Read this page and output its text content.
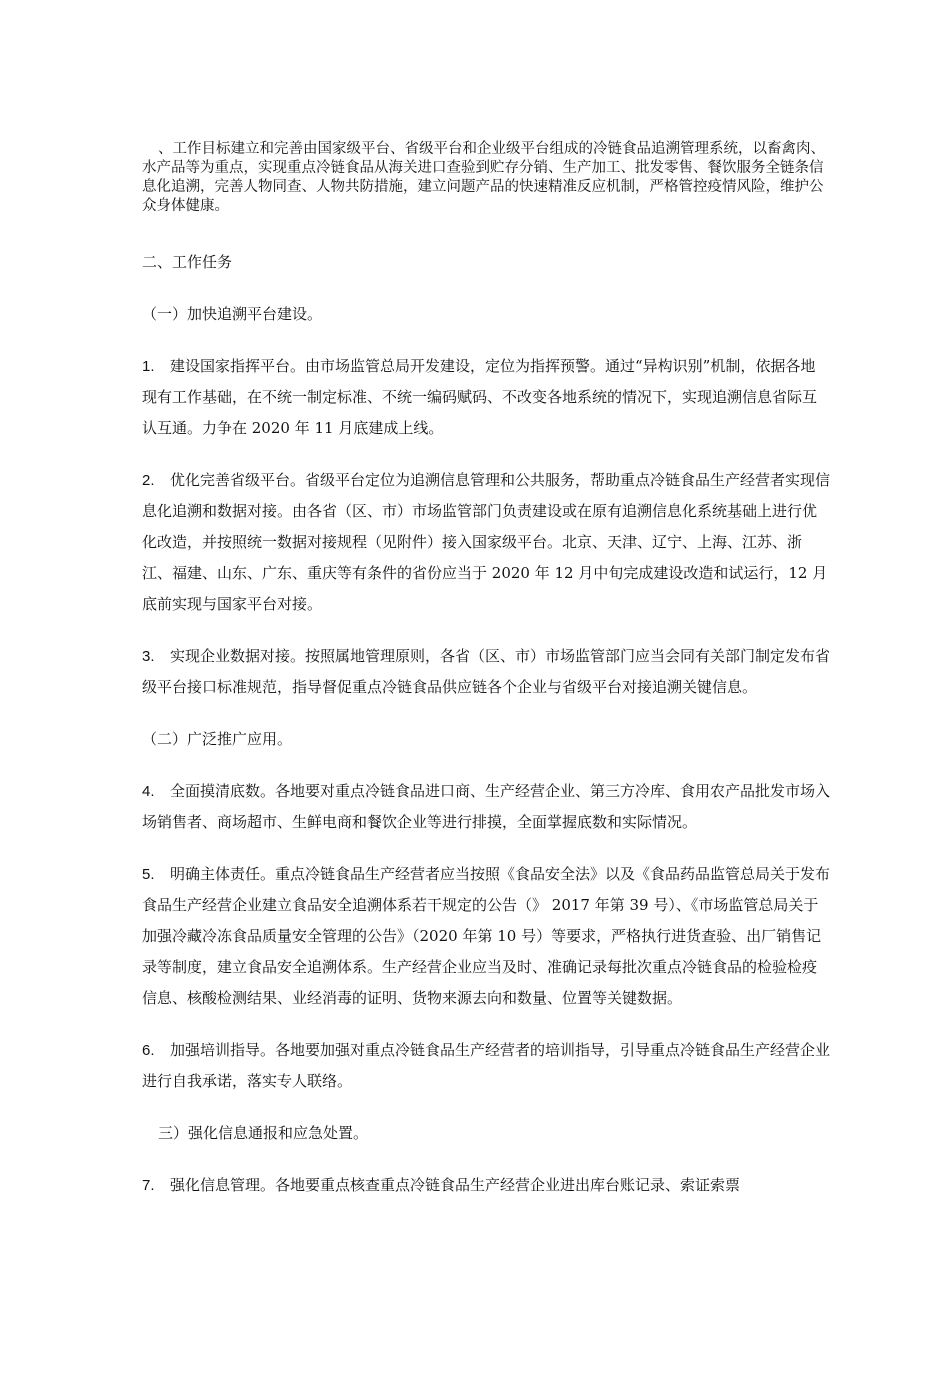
、工作目标建立和完善由国家级平台、省级平台和企业级平台组成的冷链食品追溯管理系统，以畜禽肉、水产品等为重点，实现重点冷链食品从海关进口查验到贮存分销、生产加工、批发零售、餐饮服务全链条信息化追溯，完善人物同查、人物共防措施，建立问题产品的快速精准反应机制，严格管控疫情风险，维护公众身体健康。

二、工作任务

（一）加快追溯平台建设。

1. 建设国家指挥平台。由市场监管总局开发建设，定位为指挥预警。通过“异构识别”机制，依据各地现有工作基础，在不统一制定标准、不统一编码赋码、不改变各地系统的情况下，实现追溯信息省际互认互通。力争在 2020 年 11 月底建成上线。

2. 优化完善省级平台。省级平台定位为追溯信息管理和公共服务，帮助重点冷链食品生产经营者实现信息化追溯和数据对接。由各省（区、市）市场监管部门负责建设或在原有追溯信息化系统基础上进行优化改造，并按照统一数据对接规程（见附件）接入国家级平台。北京、天津、辽宁、上海、江苏、浙江、福建、山东、广东、重庆等有条件的省份应当于 2020 年 12 月中旬完成建设改造和试运行，12 月底前实现与国家平台对接。

3. 实现企业数据对接。按照属地管理原则，各省（区、市）市场监管部门应当会同有关部门制定发布省级平台接口标准规范，指导督促重点冷链食品供应链各个企业与省级平台对接追溯关键信息。

（二）广泛推广应用。

4. 全面摸清底数。各地要对重点冷链食品进口商、生产经营企业、第三方冷库、食用农产品批发市场入场销售者、商场超市、生鲜电商和餐饮企业等进行排摸，全面掌握底数和实际情况。

5. 明确主体责任。重点冷链食品生产经营者应当按照《食品安全法》以及《食品药品监管总局关于发布食品生产经营企业建立食品安全追溯体系若干规定的公告（》 2017 年第 39 号）、《市场监管总局关于加强冷藏冷冻食品质量安全管理的公告》（2020 年第 10 号）等要求，严格执行进货查验、出厂销售记录等制度，建立食品安全追溯体系。生产经营企业应当及时、准确记录每批次重点冷链食品的检验检疫信息、核酸检测结果、业经消毒的证明、货物来源去向和数量、位置等关键数据。

6. 加强培训指导。各地要加强对重点冷链食品生产经营者的培训指导，引导重点冷链食品生产经营企业进行自我承诺，落实专人联络。

三）强化信息通报和应急处置。

7. 强化信息管理。各地要重点核查重点冷链食品生产经营企业进出库台账记录、索证索票
